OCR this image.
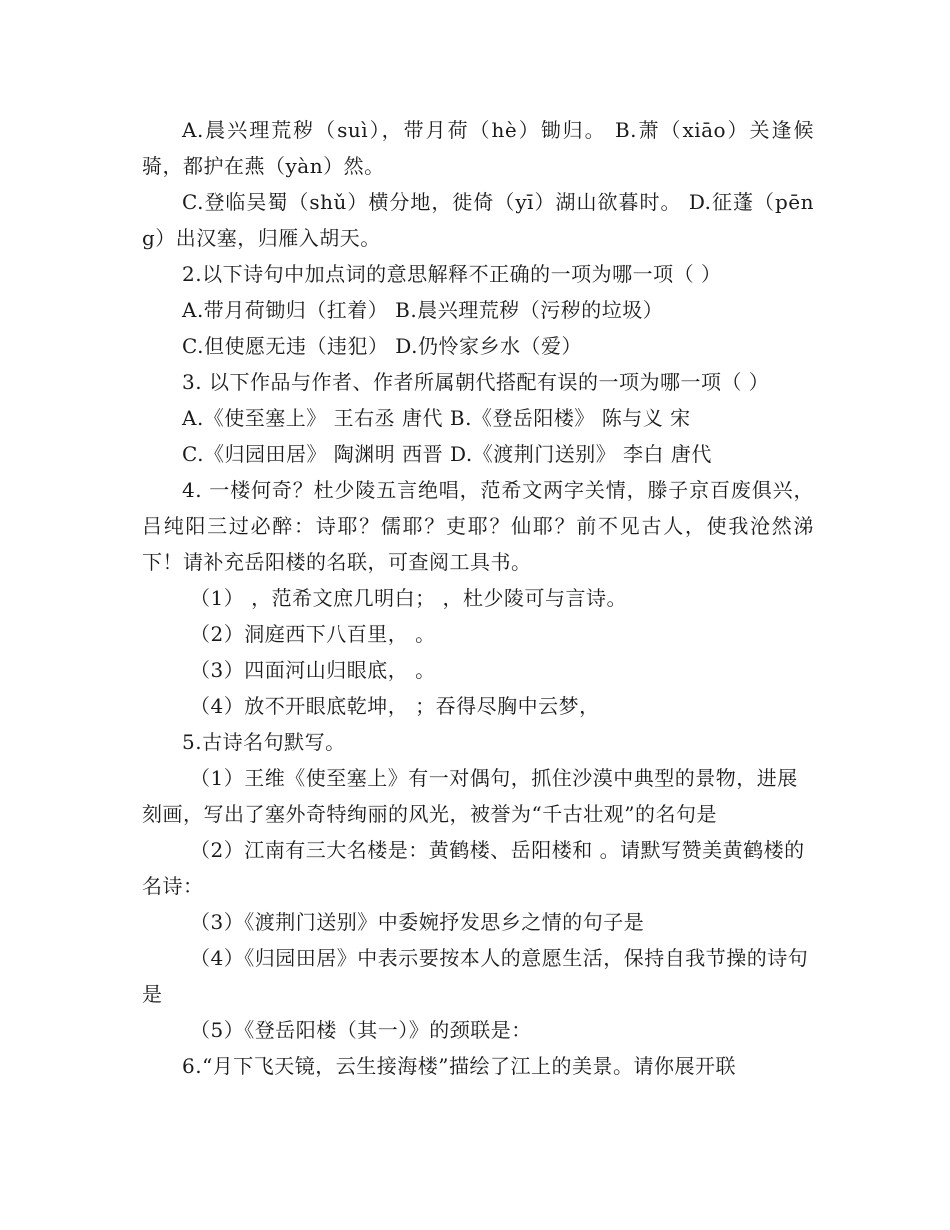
A.晨兴理荒秽（suì），带月荷（hè）锄归。 B.萧（xiāo）关逢候骑，都护在燕（yàn）然。

C.登临吴蜀（shǔ）横分地，徙倚（yī）湖山欲暮时。 D.征蓬（pēng）出汉塞，归雁入胡天。

2.以下诗句中加点词的意思解释不正确的一项为哪一项（ ）

A.带月荷锄归（扛着） B.晨兴理荒秽（污秽的垃圾）

C.但使愿无违（违犯） D.仍怜家乡水（爱）

3. 以下作品与作者、作者所属朝代搭配有误的一项为哪一项（ ）

A.《使至塞上》 王右丞 唐代 B.《登岳阳楼》 陈与义 宋

C.《归园田居》 陶渊明 西晋 D.《渡荆门送别》 李白 唐代

4. 一楼何奇？杜少陵五言绝唱，范希文两字关情，滕子京百废俱兴，吕纯阳三过必醉：诗耶？儒耶？吏耶？仙耶？前不见古人，使我沧然涕下！请补充岳阳楼的名联，可查阅工具书。

（1） ，范希文庶几明白； ，杜少陵可与言诗。

（2）洞庭西下八百里， 。

（3）四面河山归眼底， 。

（4）放不开眼底乾坤， ；吞得尽胸中云梦，

5.古诗名句默写。

（1）王维《使至塞上》有一对偶句，抓住沙漠中典型的景物，进展刻画，写出了塞外奇特绚丽的风光，被誉为“千古壮观”的名句是

（2）江南有三大名楼是：黄鹤楼、岳阳楼和 。请默写赞美黄鹤楼的名诗：

（3）《渡荆门送别》中委婉抒发思乡之情的句子是

（4）《归园田居》中表示要按本人的意愿生活，保持自我节操的诗句是

（5）《登岳阳楼（其一）》的颈联是：

6.“月下飞天镜，云生接海楼”描绘了江上的美景。请你展开联
